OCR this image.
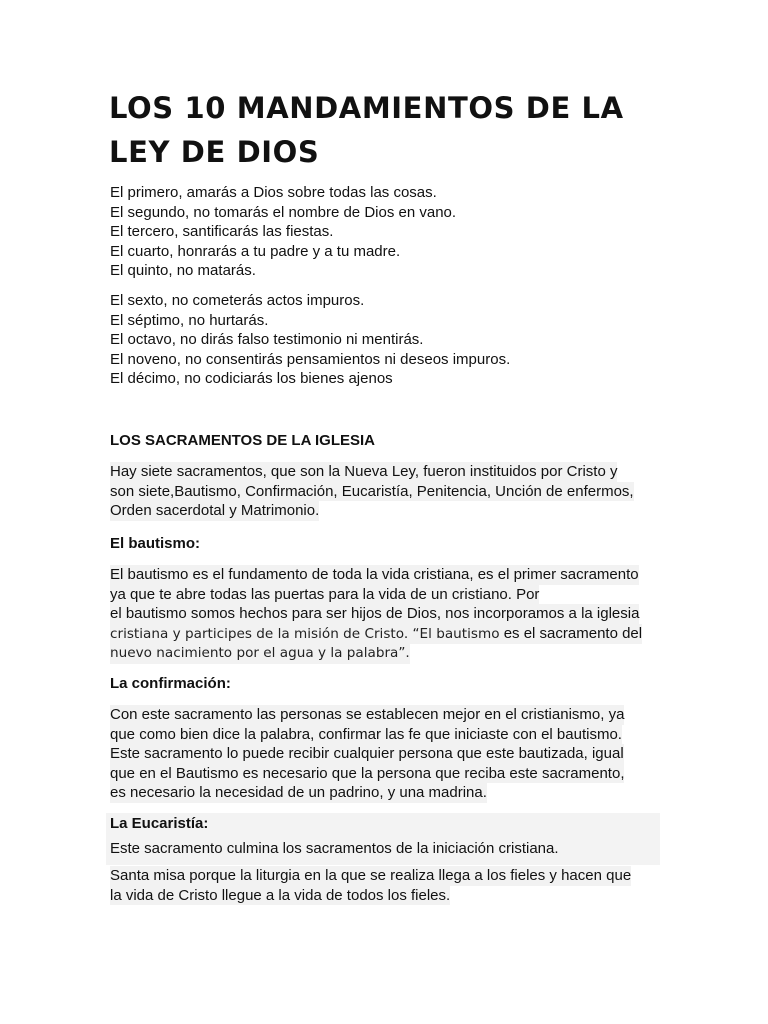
LOS 10 MANDAMIENTOS DE LA
LEY DE DIOS
El primero, amarás a Dios sobre todas las cosas.
El segundo, no tomarás el nombre de Dios en vano.
El tercero, santificarás las fiestas.
El cuarto, honrarás a tu padre y a tu madre.
El quinto, no matarás.
El sexto, no cometerás actos impuros.
El séptimo, no hurtarás.
El octavo, no dirás falso testimonio ni mentirás.
El noveno, no consentirás pensamientos ni deseos impuros.
El décimo, no codiciarás los bienes ajenos
LOS SACRAMENTOS DE LA IGLESIA
Hay siete sacramentos, que son la Nueva Ley, fueron instituidos por Cristo y
son siete,Bautismo, Confirmación, Eucaristía, Penitencia, Unción de enfermos,
Orden sacerdotal y Matrimonio.
El bautismo:
El bautismo es el fundamento de toda la vida cristiana, es el primer sacramento
ya que te abre todas las puertas para la vida de un cristiano. Por
el bautismo somos hechos para ser hijos de Dios, nos incorporamos a la iglesia
cristiana y participes de la misión de Cristo. “El bautismo es el sacramento del
nuevo nacimiento por el agua y la palabra”.
La confirmación:
Con este sacramento las personas se establecen mejor en el cristianismo, ya
que como bien dice la palabra, confirmar las fe que iniciaste con el bautismo.
Este sacramento lo puede recibir cualquier persona que este bautizada, igual
que en el Bautismo es necesario que la persona que reciba este sacramento,
es necesario la necesidad de un padrino, y una madrina.
La Eucaristía:
Este sacramento culmina los sacramentos de la iniciación cristiana.
Santa misa porque la liturgia en la que se realiza llega a los fieles y hacen que
la vida de Cristo llegue a la vida de todos los fieles.
